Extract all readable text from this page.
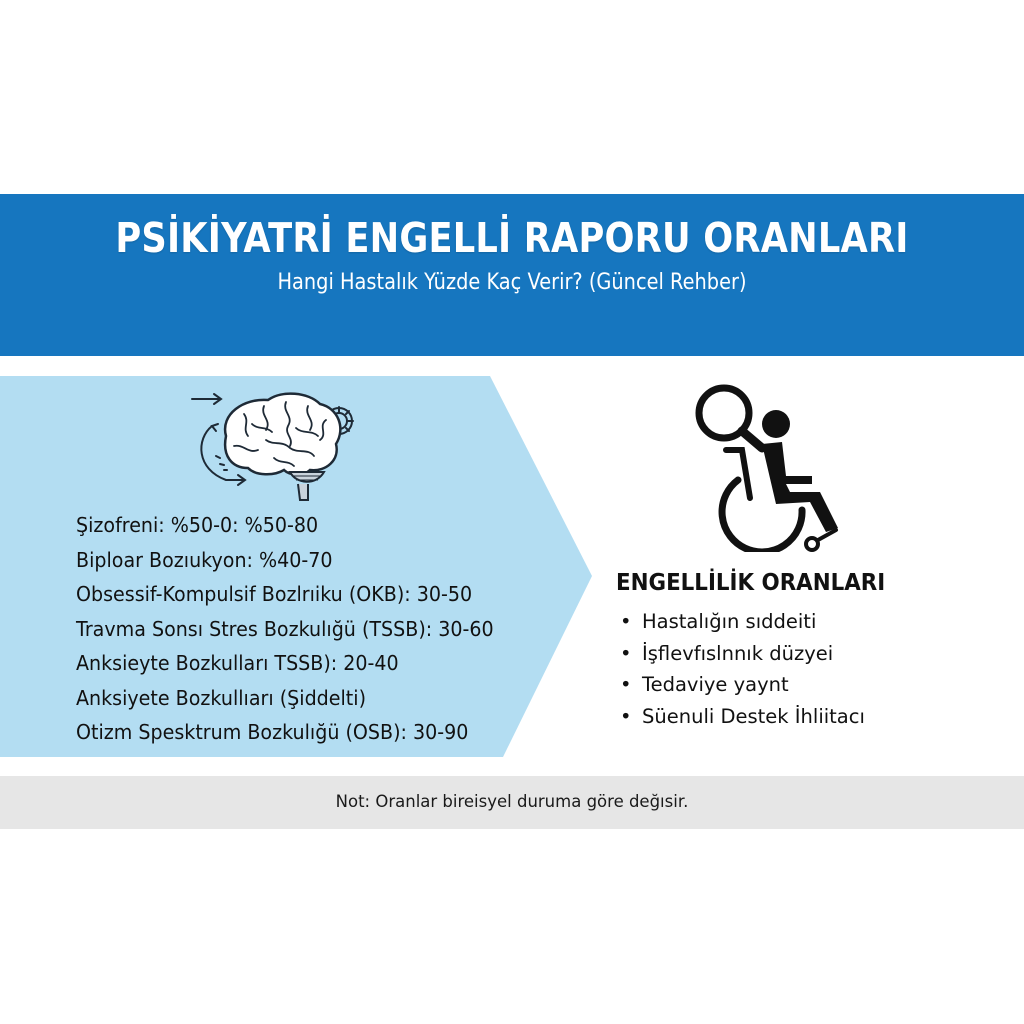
PSİKİYATRİ ENGELLİ RAPORU ORANLARI
Hangi Hastalık Yüzde Kaç Verir? (Güncel Rehber)
Şizofreni: %50-0: %50-80
Biploar Bozıukyon: %40-70
Obsessif-Kompulsif Bozlrıiku (OKB): 30-50
Travma Sonsı Stres Bozkulığü (TSSB): 30-60
Anksieyte Bozkulları TSSB): 20-40
Anksiyete Bozkullıarı (Şiddelti)
Otizm Spesktrum Bozkulığü (OSB): 30-90
ENGELLİLİK ORANLARI
• Hastalığın sıddeiti
• İşflevfıslnnık düzyei
• Tedaviye yaynt
• Süenuli Destek İhliitacı
Not: Oranlar bireisyel duruma göre değısir.
